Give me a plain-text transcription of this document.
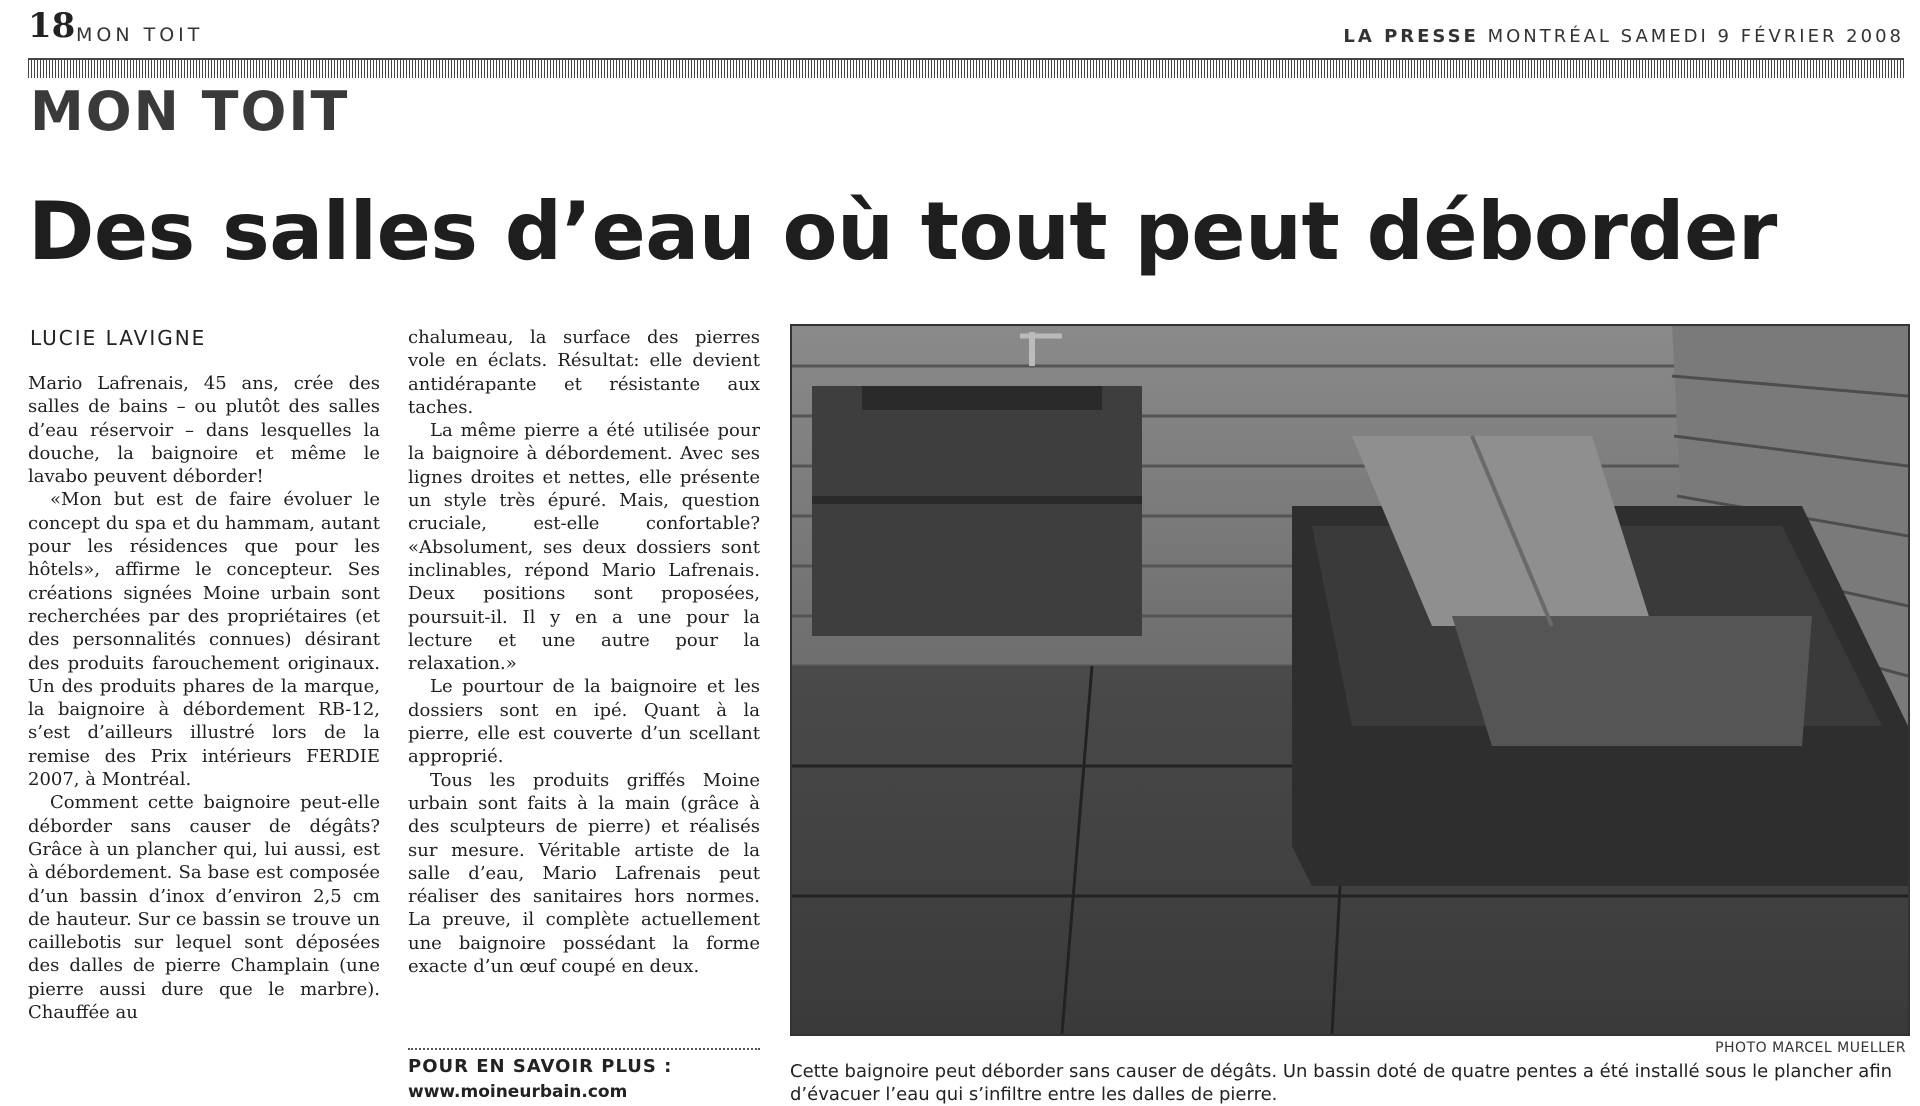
18 MON TOIT	LA PRESSE MONTRÉAL SAMEDI 9 FÉVRIER 2008
MON TOIT
Des salles d’eau où tout peut déborder
LUCIE LAVIGNE

Mario Lafrenais, 45 ans, crée des salles de bains – ou plutôt des salles d’eau réservoir – dans lesquelles la douche, la baignoire et même le lavabo peuvent déborder!

«Mon but est de faire évoluer le concept du spa et du hammam, autant pour les résidences que pour les hôtels», affirme le concepteur. Ses créations signées Moine urbain sont recherchées par des propriétaires (et des personnalités connues) désirant des produits farouchement originaux. Un des produits phares de la marque, la baignoire à débordement RB-12, s’est d’ailleurs illustré lors de la remise des Prix intérieurs FERDIE 2007, à Montréal.

Comment cette baignoire peut-elle déborder sans causer de dégâts? Grâce à un plancher qui, lui aussi, est à débordement. Sa base est composée d’un bassin d’inox d’environ 2,5 cm de hauteur. Sur ce bassin se trouve un caillebotis sur lequel sont déposées des dalles de pierre Champlain (une pierre aussi dure que le marbre). Chauffée au

chalumeau, la surface des pierres vole en éclats. Résultat: elle devient antidérapante et résistante aux taches.

La même pierre a été utilisée pour la baignoire à débordement. Avec ses lignes droites et nettes, elle présente un style très épuré. Mais, question cruciale, est-elle confortable? «Absolument, ses deux dossiers sont inclinables, répond Mario Lafrenais. Deux positions sont proposées, poursuit-il. Il y en a une pour la lecture et une autre pour la relaxation.»

Le pourtour de la baignoire et les dossiers sont en ipé. Quant à la pierre, elle est couverte d’un scellant approprié.

Tous les produits griffés Moine urbain sont faits à la main (grâce à des sculpteurs de pierre) et réalisés sur mesure. Véritable artiste de la salle d’eau, Mario Lafrenais peut réaliser des sanitaires hors normes. La preuve, il complète actuellement une baignoire possédant la forme exacte d’un œuf coupé en deux.

POUR EN SAVOIR PLUS :
www.moineurbain.com
PHOTO MARCEL MUELLER
Cette baignoire peut déborder sans causer de dégâts. Un bassin doté de quatre pentes a été installé sous le plancher afin d’évacuer l’eau qui s’infiltre entre les dalles de pierre.
